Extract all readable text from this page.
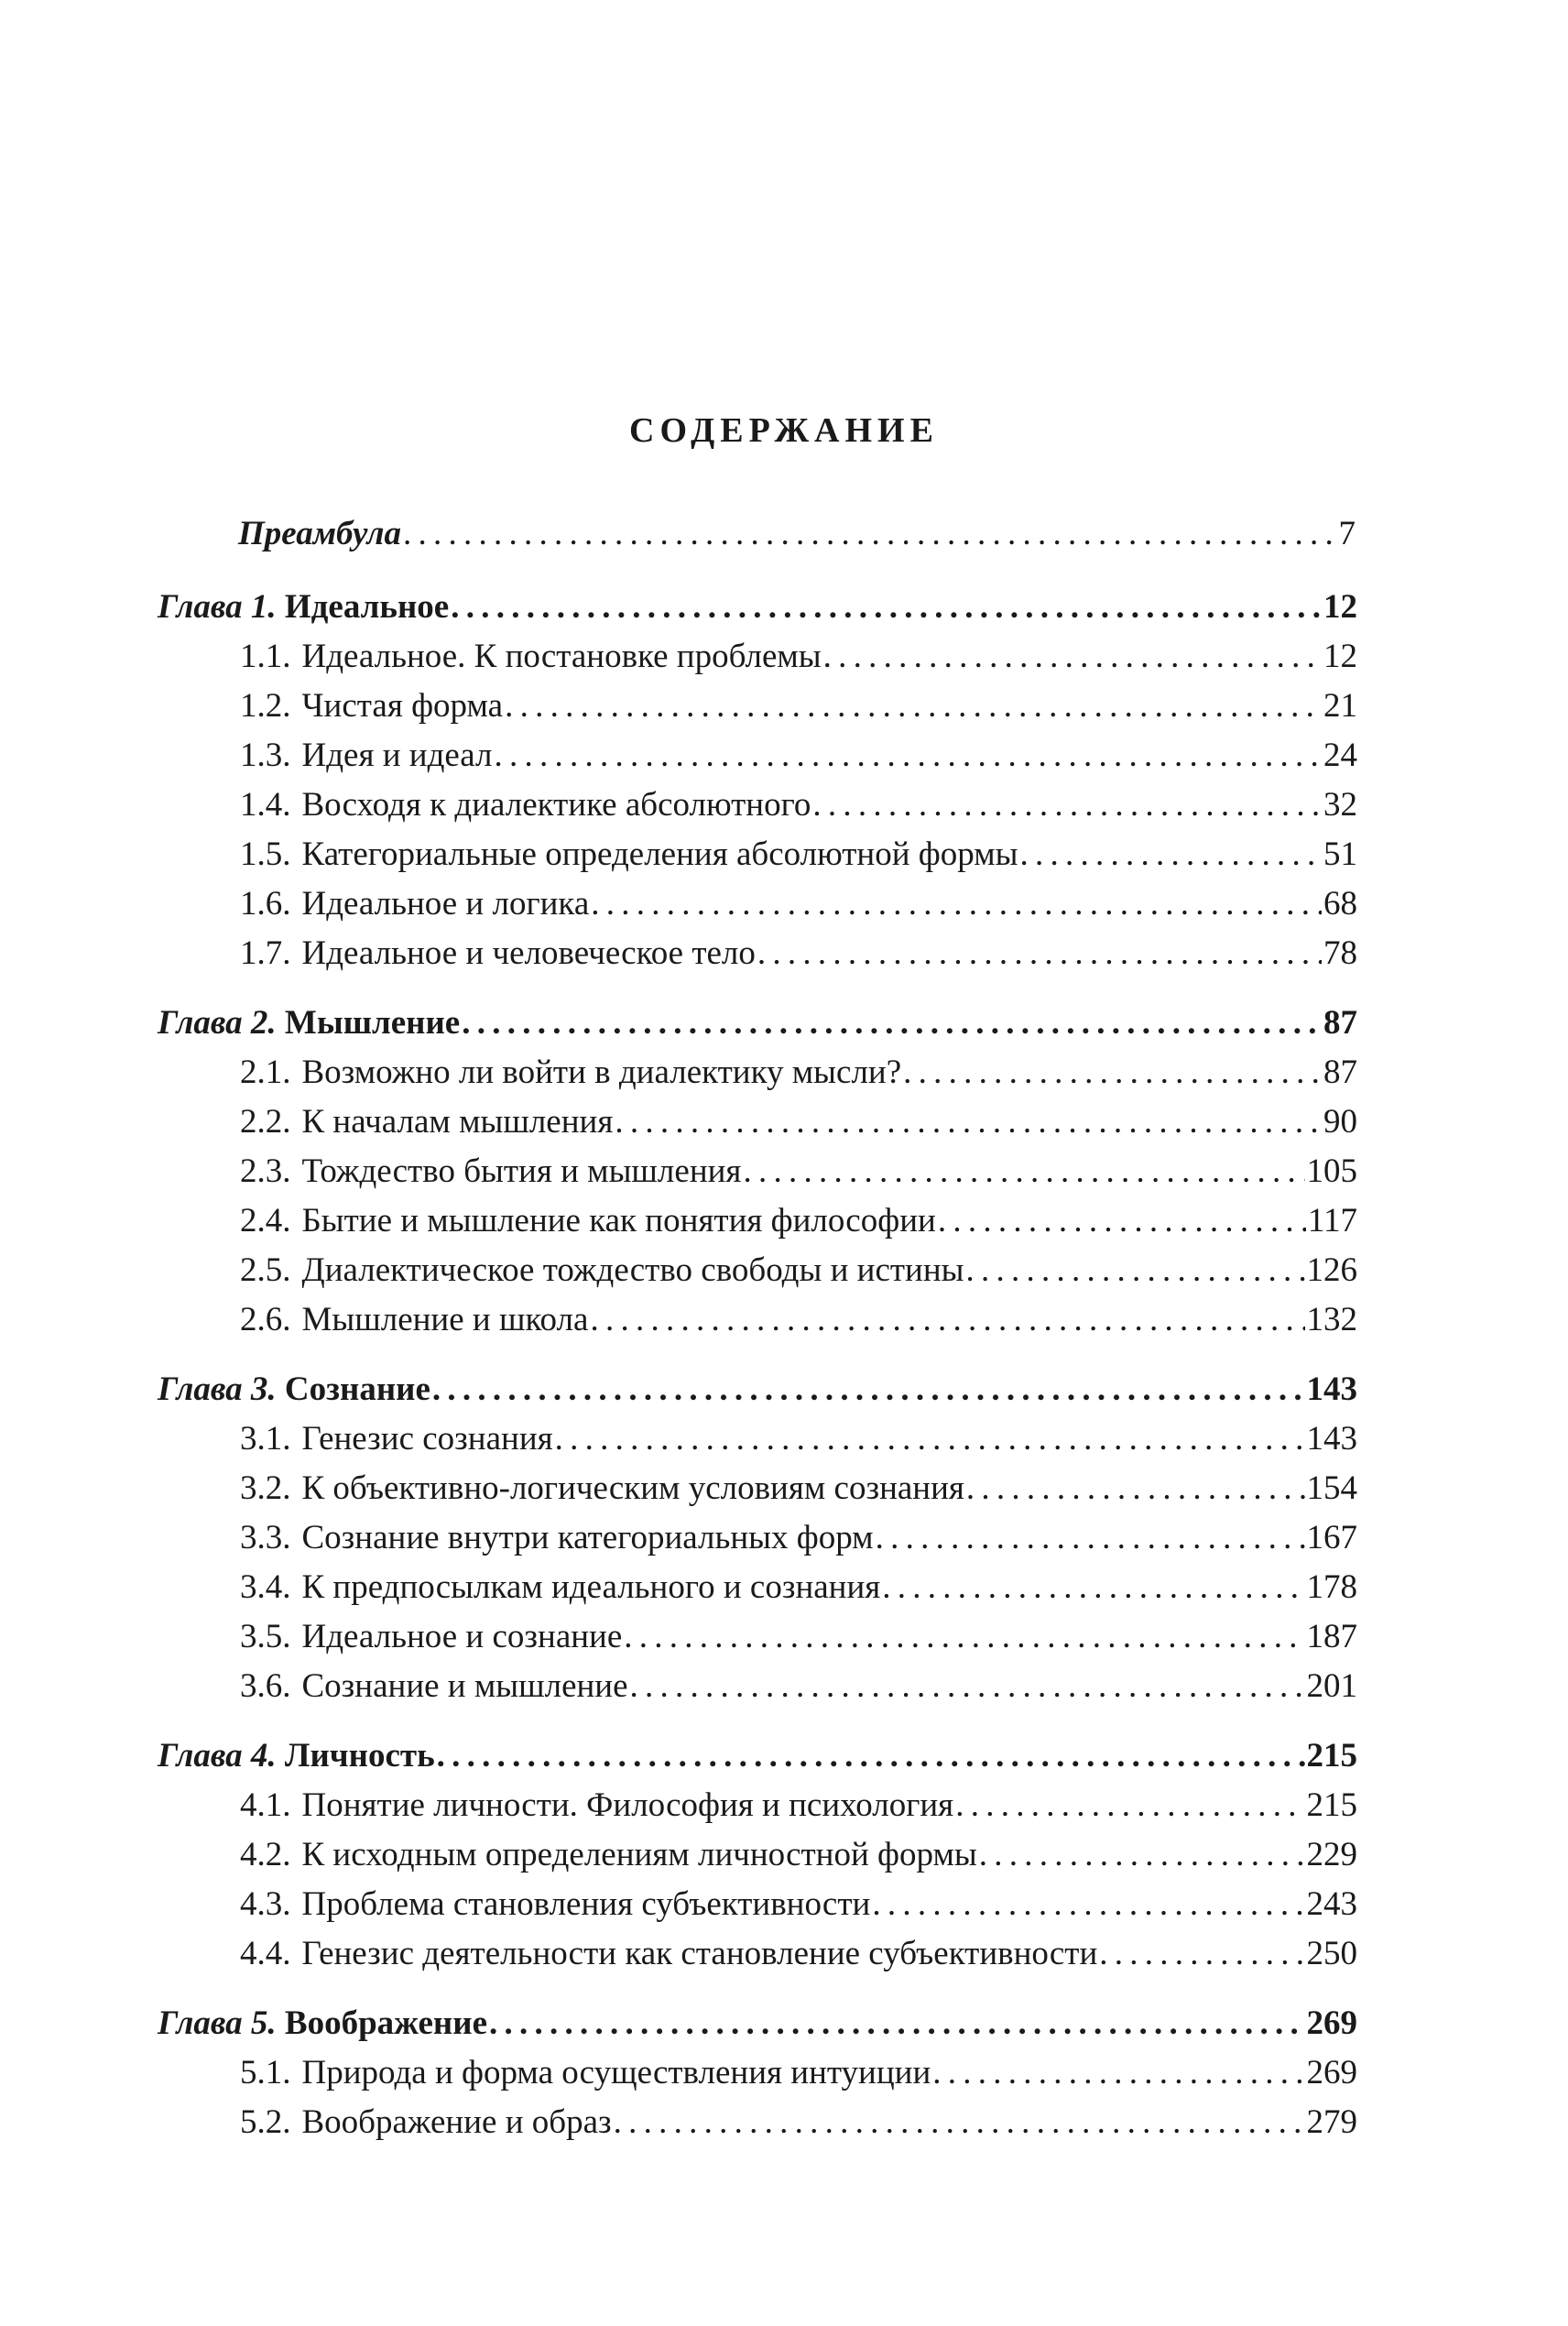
СОДЕРЖАНИЕ
Преамбула . . .	7
Глава 1. Идеальное . . .	12
1.1. Идеальное. К постановке проблемы . . .	12
1.2. Чистая форма . . .	21
1.3. Идея и идеал . . .	24
1.4. Восходя к диалектике абсолютного . . .	32
1.5. Категориальные определения абсолютной формы . . .	51
1.6. Идеальное и логика . . .	68
1.7. Идеальное и человеческое тело . . .	78
Глава 2. Мышление . . .	87
2.1. Возможно ли войти в диалектику мысли? . . .	87
2.2. К началам мышления . . .	90
2.3. Тождество бытия и мышления . . .	105
2.4. Бытие и мышление как понятия философии . . .	117
2.5. Диалектическое тождество свободы и истины . . .	126
2.6. Мышление и школа . . .	132
Глава 3. Сознание . . .	143
3.1. Генезис сознания . . .	143
3.2. К объективно-логическим условиям сознания . . .	154
3.3. Сознание внутри категориальных форм . . .	167
3.4. К предпосылкам идеального и сознания . . .	178
3.5. Идеальное и сознание . . .	187
3.6. Сознание и мышление . . .	201
Глава 4. Личность . . .	215
4.1. Понятие личности. Философия и психология . . .	215
4.2. К исходным определениям личностной формы . . .	229
4.3. Проблема становления субъективности . . .	243
4.4. Генезис деятельности как становление субъективности . . .	250
Глава 5. Воображение . . .	269
5.1. Природа и форма осуществления интуиции . . .	269
5.2. Воображение и образ . . .	279
